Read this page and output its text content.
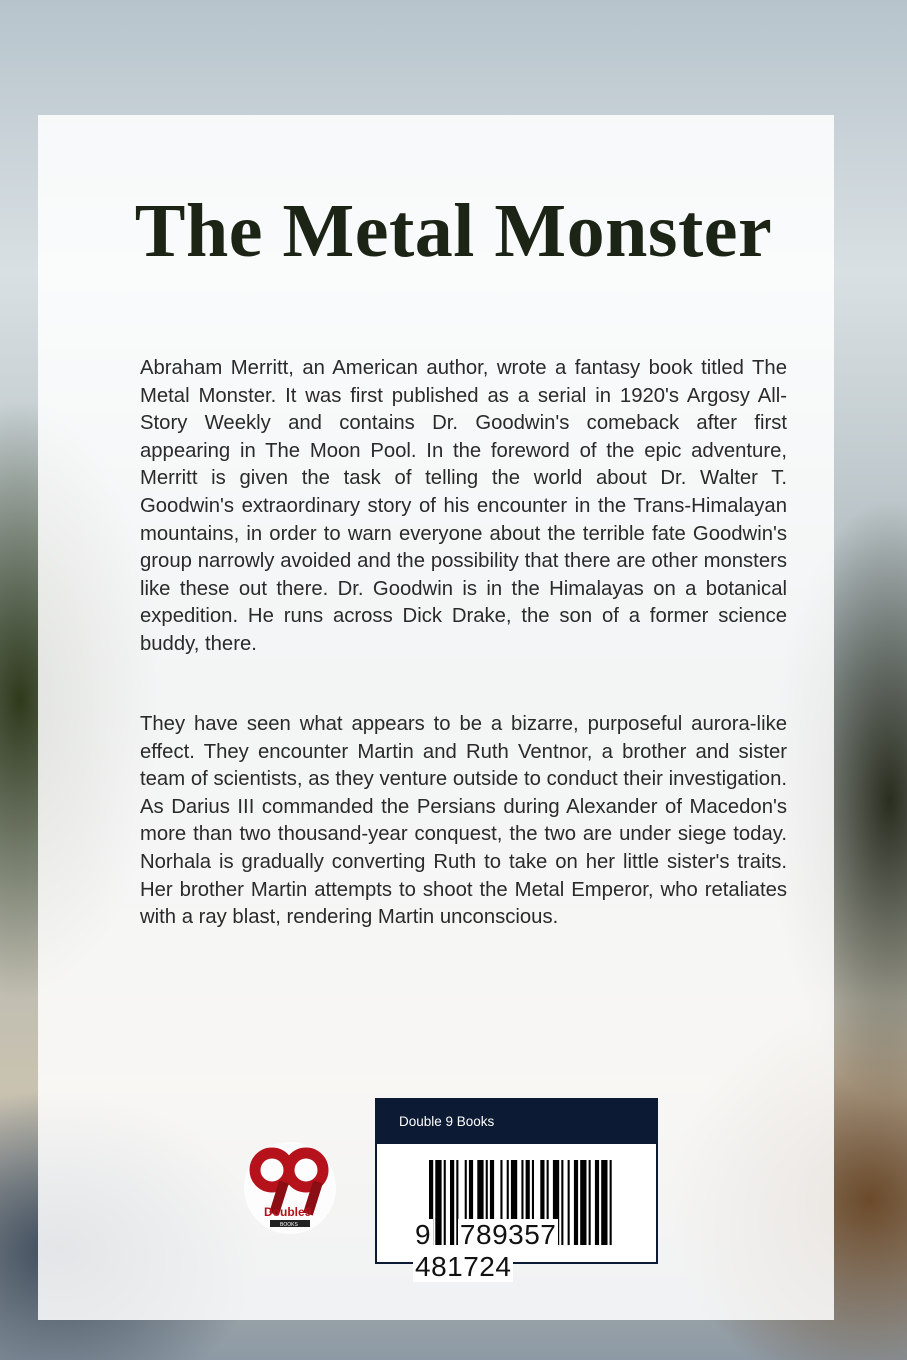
The Metal Monster

Abraham Merritt, an American author, wrote a fantasy book titled The Metal Monster. It was first published as a serial in 1920's Argosy All-Story Weekly and contains Dr. Goodwin's comeback after first appearing in The Moon Pool. In the foreword of the epic adventure, Merritt is given the task of telling the world about Dr. Walter T. Goodwin's extraordinary story of his encounter in the Trans-Himalayan mountains, in order to warn everyone about the terrible fate Goodwin's group narrowly avoided and the possibility that there are other monsters like these out there. Dr. Goodwin is in the Himalayas on a botanical expedition. He runs across Dick Drake, the son of a former science buddy, there.

They have seen what appears to be a bizarre, purposeful aurora-like effect. They encounter Martin and Ruth Ventnor, a brother and sister team of scientists, as they venture outside to conduct their investigation. As Darius III commanded the Persians during Alexander of Macedon's more than two thousand-year conquest, the two are under siege today. Norhala is gradually converting Ruth to take on her little sister's traits. Her brother Martin attempts to shoot the Metal Emperor, who retaliates with a ray blast, rendering Martin unconscious.

Double9
BOOKS
Double 9 Books
9 789357   481724
